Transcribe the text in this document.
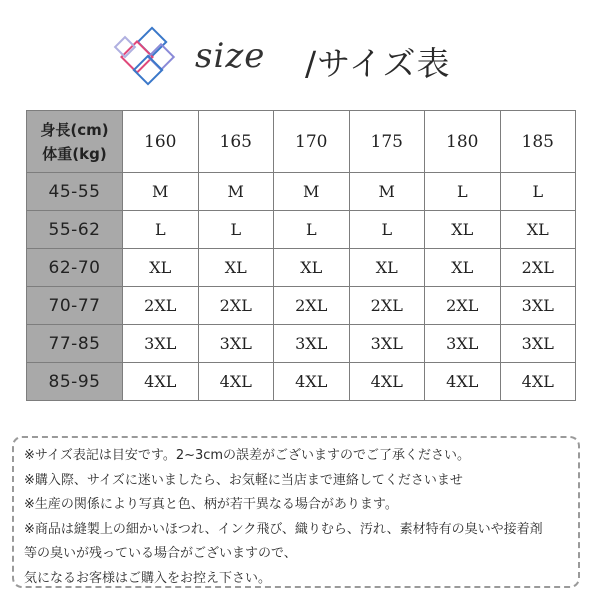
size /サイズ表
身長(cm)
体重(kg)	160	165	170	175	180	185
45-55	M	M	M	M	L	L
55-62	L	L	L	L	XL	XL
62-70	XL	XL	XL	XL	XL	2XL
70-77	2XL	2XL	2XL	2XL	2XL	3XL
77-85	3XL	3XL	3XL	3XL	3XL	3XL
85-95	4XL	4XL	4XL	4XL	4XL	4XL
※サイズ表記は目安です。2~3cmの誤差がございますのでご了承ください。
※購入際、サイズに迷いましたら、お気軽に当店まで連絡してくださいませ
※生産の関係により写真と色、柄が若干異なる場合があります。
※商品は縫製上の細かいほつれ、インク飛び、織りむら、汚れ、素材特有の臭いや接着剤
等の臭いが残っている場合がございますので、
気になるお客様はご購入をお控え下さい。
